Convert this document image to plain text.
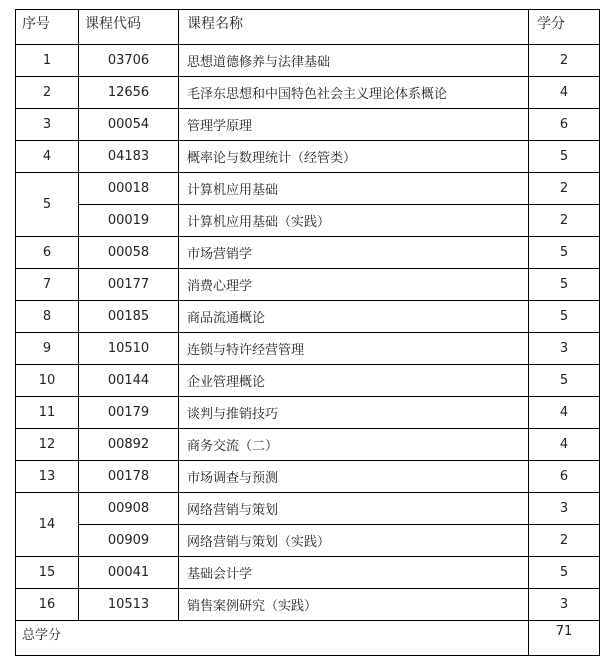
序号	课程代码	课程名称	学分
1	03706	思想道德修养与法律基础	2
2	12656	毛泽东思想和中国特色社会主义理论体系概论	4
3	00054	管理学原理	6
4	04183	概率论与数理统计（经管类）	5
5	00018	计算机应用基础	2
	00019	计算机应用基础（实践）	2
6	00058	市场营销学	5
7	00177	消费心理学	5
8	00185	商品流通概论	5
9	10510	连锁与特许经营管理	3
10	00144	企业管理概论	5
11	00179	谈判与推销技巧	4
12	00892	商务交流（二）	4
13	00178	市场调查与预测	6
14	00908	网络营销与策划	3
	00909	网络营销与策划（实践）	2
15	00041	基础会计学	5
16	10513	销售案例研究（实践）	3
总学分			71
